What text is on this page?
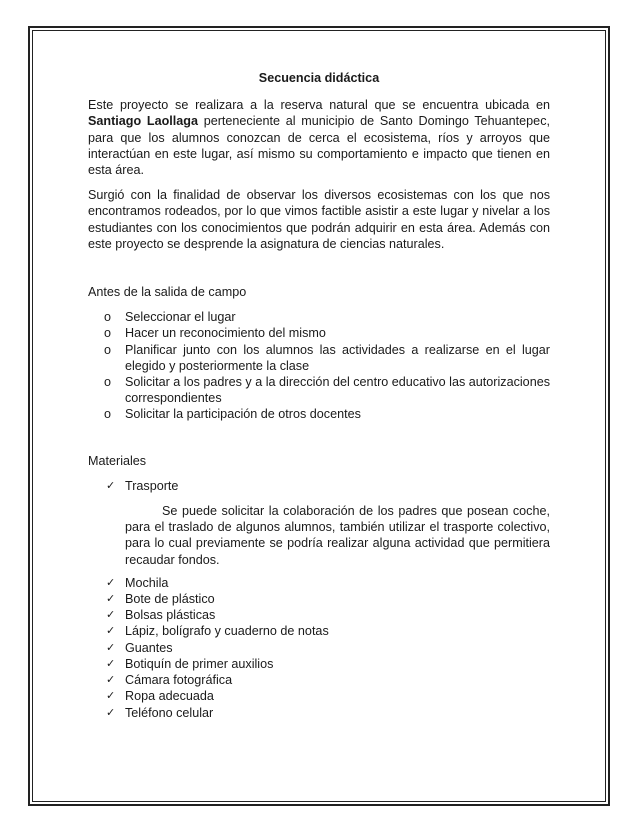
Secuencia didáctica

Este proyecto se realizara a la reserva natural que se encuentra ubicada en Santiago Laollaga perteneciente al municipio de Santo Domingo Tehuantepec, para que los alumnos conozcan de cerca el ecosistema, ríos y arroyos que interactúan en este lugar, así mismo su comportamiento e impacto que tienen en esta área.

Surgió con la finalidad de observar los diversos ecosistemas con los que nos encontramos rodeados, por lo que vimos factible asistir a este lugar y nivelar a los estudiantes con los conocimientos que podrán adquirir en esta área. Además con este proyecto se desprende la asignatura de ciencias naturales.

Antes de la salida de campo
o Seleccionar el lugar
o Hacer un reconocimiento del mismo
o Planificar junto con los alumnos las actividades a realizarse en el lugar elegido y posteriormente la clase
o Solicitar a los padres y a la dirección del centro educativo las autorizaciones correspondientes
o Solicitar la participación de otros docentes
Materiales
✓ Trasporte
Se puede solicitar la colaboración de los padres que posean coche, para el traslado de algunos alumnos, también utilizar el trasporte colectivo, para lo cual previamente se podría realizar alguna actividad que permitiera recaudar fondos.
✓ Mochila
✓ Bote de plástico
✓ Bolsas plásticas
✓ Lápiz, bolígrafo y cuaderno de notas
✓ Guantes
✓ Botiquín de primer auxilios
✓ Cámara fotográfica
✓ Ropa adecuada
✓ Teléfono celular
